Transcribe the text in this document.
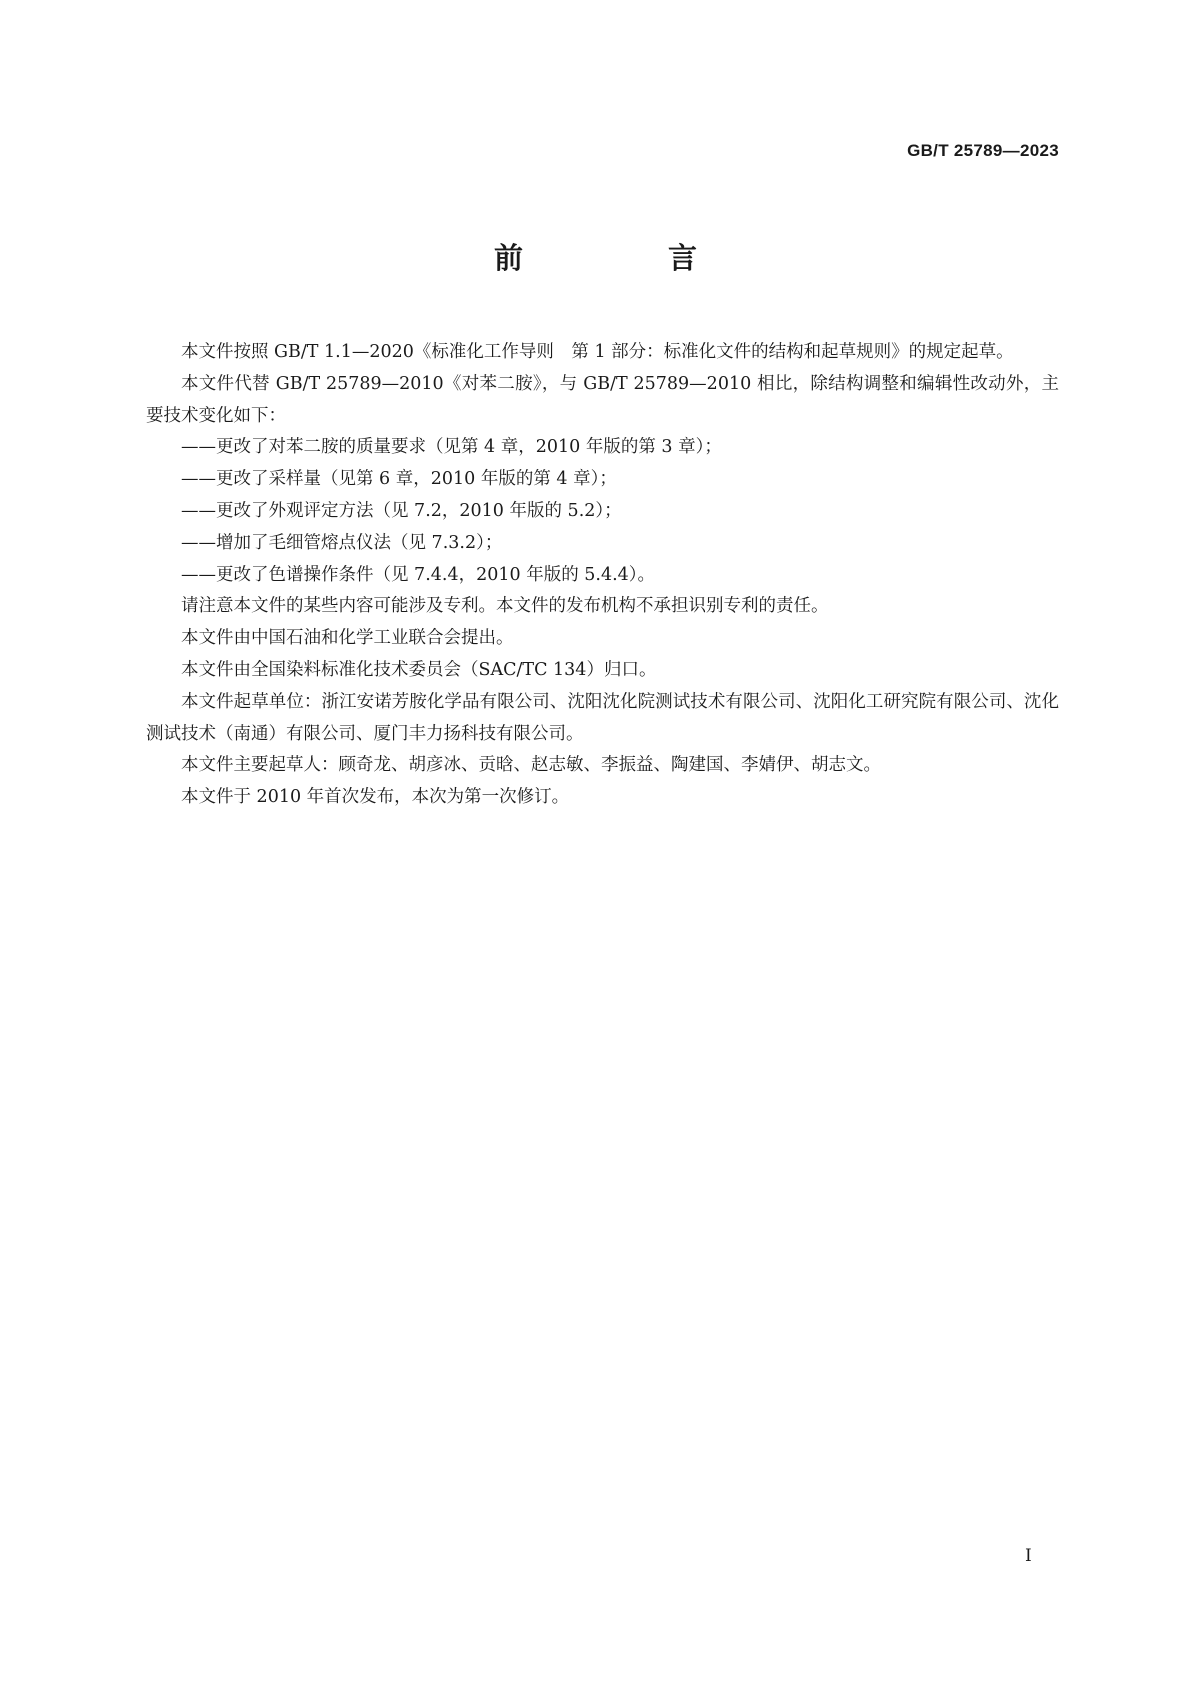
GB/T 25789—2023
前　言

本文件按照 GB/T 1.1—2020《标准化工作导则　第 1 部分：标准化文件的结构和起草规则》的规定起草。

本文件代替 GB/T 25789—2010《对苯二胺》，与 GB/T 25789—2010 相比，除结构调整和编辑性改动外，主要技术变化如下：

——更改了对苯二胺的质量要求（见第 4 章，2010 年版的第 3 章）；

——更改了采样量（见第 6 章，2010 年版的第 4 章）；

——更改了外观评定方法（见 7.2，2010 年版的 5.2）；

——增加了毛细管熔点仪法（见 7.3.2）；

——更改了色谱操作条件（见 7.4.4，2010 年版的 5.4.4）。

请注意本文件的某些内容可能涉及专利。本文件的发布机构不承担识别专利的责任。

本文件由中国石油和化学工业联合会提出。

本文件由全国染料标准化技术委员会（SAC/TC 134）归口。

本文件起草单位：浙江安诺芳胺化学品有限公司、沈阳沈化院测试技术有限公司、沈阳化工研究院有限公司、沈化测试技术（南通）有限公司、厦门丰力扬科技有限公司。

本文件主要起草人：顾奇龙、胡彦冰、贡晗、赵志敏、李振益、陶建国、李婧伊、胡志文。

本文件于 2010 年首次发布，本次为第一次修订。

I
